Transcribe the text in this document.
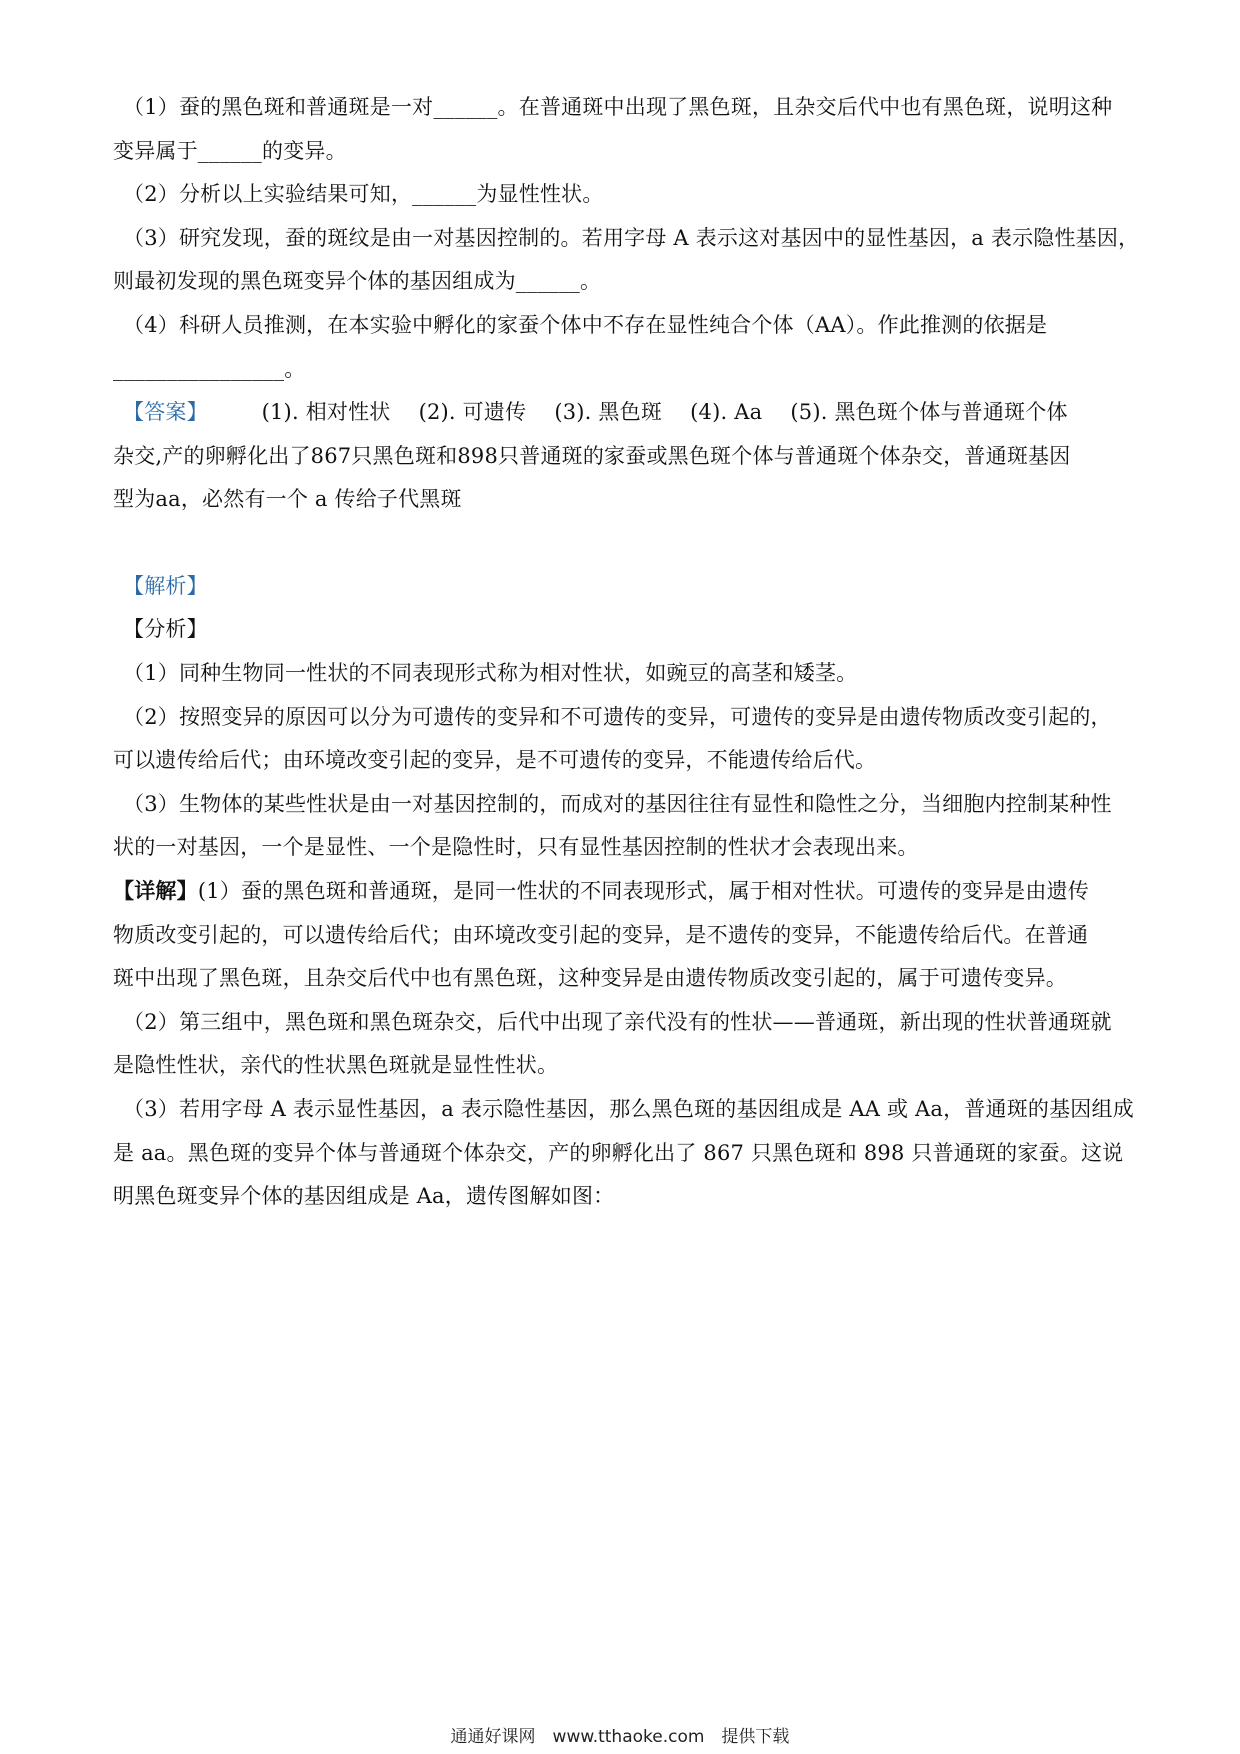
（1）蚕的黑色斑和普通斑是一对______。在普通斑中出现了黑色斑，且杂交后代中也有黑色斑，说明这种
变异属于______的变异。
（2）分析以上实验结果可知，______为显性性状。
（3）研究发现，蚕的斑纹是由一对基因控制的。若用字母 A 表示这对基因中的显性基因，a 表示隐性基因，
则最初发现的黑色斑变异个体的基因组成为______。
（4）科研人员推测，在本实验中孵化的家蚕个体中不存在显性纯合个体（AA）。作此推测的依据是
________________。
【答案】	(1). 相对性状　 (2). 可遗传　 (3). 黑色斑　 (4). Aa　 (5). 黑色斑个体与普通斑个体
杂交,产的卵孵化出了867只黑色斑和898只普通斑的家蚕或黑色斑个体与普通斑个体杂交，普通斑基因
型为aa，必然有一个 a 传给子代黑斑
【解析】
【分析】
（1）同种生物同一性状的不同表现形式称为相对性状，如豌豆的高茎和矮茎。
（2）按照变异的原因可以分为可遗传的变异和不可遗传的变异，可遗传的变异是由遗传物质改变引起的，
可以遗传给后代；由环境改变引起的变异，是不可遗传的变异，不能遗传给后代。
（3）生物体的某些性状是由一对基因控制的，而成对的基因往往有显性和隐性之分，当细胞内控制某种性
状的一对基因，一个是显性、一个是隐性时，只有显性基因控制的性状才会表现出来。
【详解】(1）蚕的黑色斑和普通斑，是同一性状的不同表现形式，属于相对性状。可遗传的变异是由遗传
物质改变引起的，可以遗传给后代；由环境改变引起的变异，是不遗传的变异，不能遗传给后代。在普通
斑中出现了黑色斑，且杂交后代中也有黑色斑，这种变异是由遗传物质改变引起的，属于可遗传变异。
（2）第三组中，黑色斑和黑色斑杂交，后代中出现了亲代没有的性状——普通斑，新出现的性状普通斑就
是隐性性状，亲代的性状黑色斑就是显性性状。
（3）若用字母 A 表示显性基因，a 表示隐性基因，那么黑色斑的基因组成是 AA 或 Aa，普通斑的基因组成
是 aa。黑色斑的变异个体与普通斑个体杂交，产的卵孵化出了 867 只黑色斑和 898 只普通斑的家蚕。这说
明黑色斑变异个体的基因组成是 Aa，遗传图解如图：
通通好课网　www.tthaoke.com　提供下载
